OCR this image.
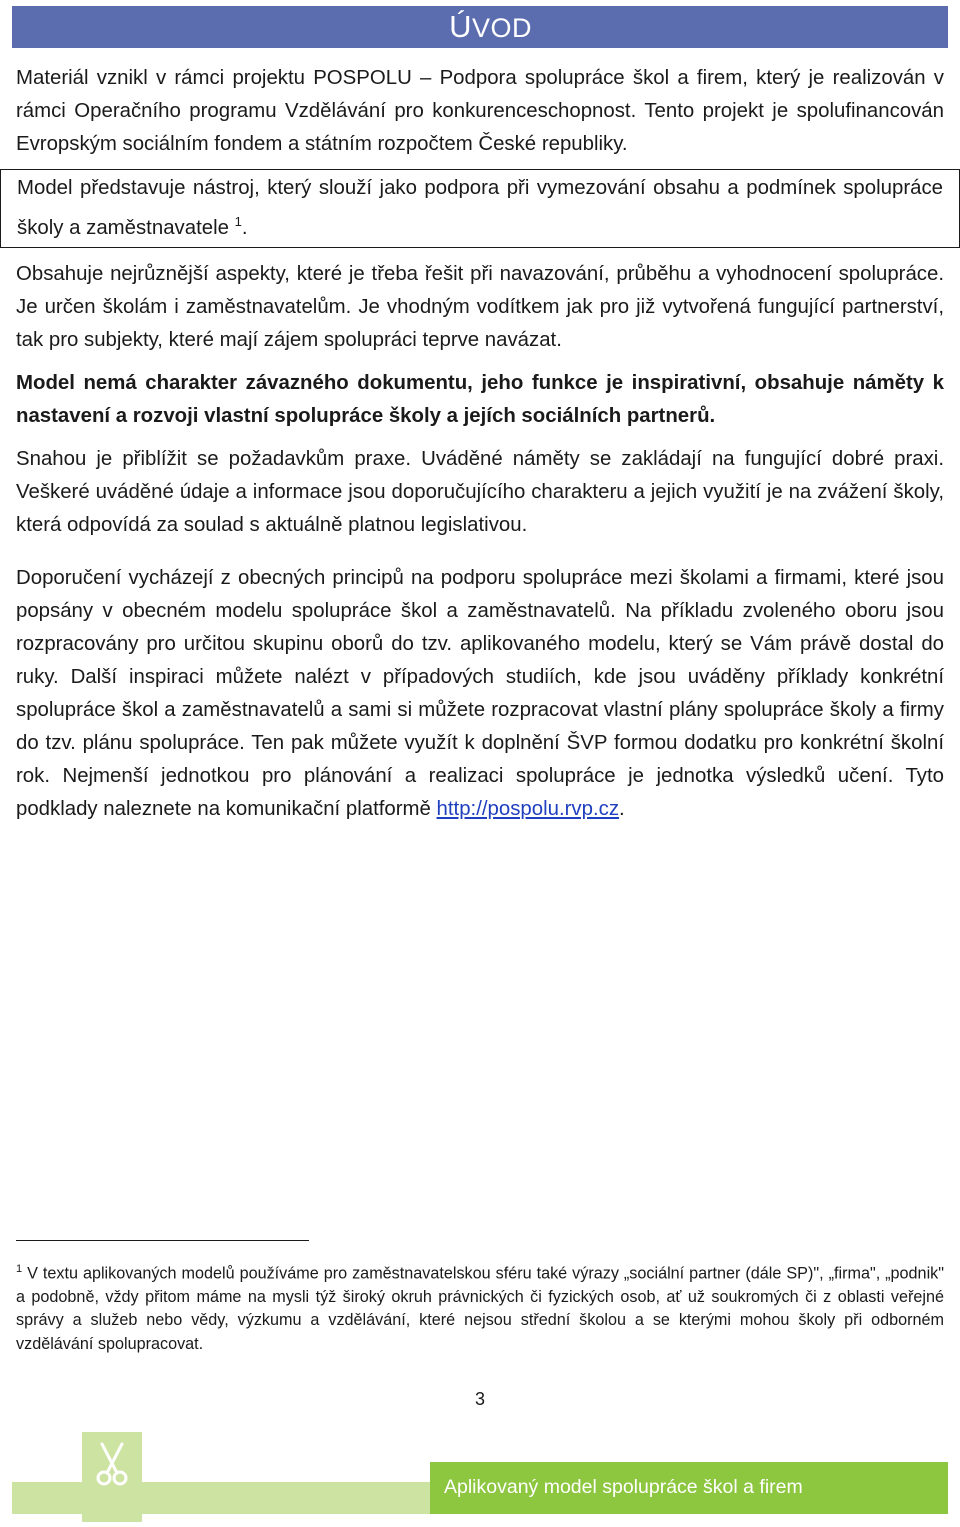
ÚVOD

Materiál vznikl v rámci projektu POSPOLU – Podpora spolupráce škol a firem, který je realizován v rámci Operačního programu Vzdělávání pro konkurenceschopnost. Tento projekt je spolufinancován Evropským sociálním fondem a státním rozpočtem České republiky.

Model představuje nástroj, který slouží jako podpora při vymezování obsahu a podmínek spolupráce školy a zaměstnavatele $^1$.

Obsahuje nejrůznější aspekty, které je třeba řešit při navazování, průběhu a vyhodnocení spolupráce. Je určen školám i zaměstnavatelům. Je vhodným vodítkem jak pro již vytvořená fungující partnerství, tak pro subjekty, které mají zájem spolupráci teprve navázat.

Model nemá charakter závazného dokumentu, jeho funkce je inspirativní, obsahuje náměty k nastavení a rozvoji vlastní spolupráce školy a jejích sociálních partnerů.

Snahou je přiblížit se požadavkům praxe. Uváděné náměty se zakládají na fungující dobré praxi. Veškeré uváděné údaje a informace jsou doporučujícího charakteru a jejich využití je na zvážení školy, která odpovídá za soulad s aktuálně platnou legislativou.

Doporučení vycházejí z obecných principů na podporu spolupráce mezi školami a firmami, které jsou popsány v obecném modelu spolupráce škol a zaměstnavatelů. Na příkladu zvoleného oboru jsou rozpracovány pro určitou skupinu oborů do tzv. aplikovaného modelu, který se Vám právě dostal do ruky. Další inspiraci můžete nalézt v případových studiích, kde jsou uváděny příklady konkrétní spolupráce škol a zaměstnavatelů a sami si můžete rozpracovat vlastní plány spolupráce školy a firmy do tzv. plánu spolupráce. Ten pak můžete využít k doplnění ŠVP formou dodatku pro konkrétní školní rok. Nejmenší jednotkou pro plánování a realizaci spolupráce je jednotka výsledků učení. Tyto podklady naleznete na komunikační platformě http://pospolu.rvp.cz.

$^1$ V textu aplikovaných modelů používáme pro zaměstnavatelskou sféru také výrazy „sociální partner (dále SP)", „firma", „podnik" a podobně, vždy přitom máme na mysli týž široký okruh právnických či fyzických osob, ať už soukromých či z oblasti veřejné správy a služeb nebo vědy, výzkumu a vzdělávání, které nejsou střední školou a se kterými mohou školy při odborném vzdělávání spolupracovat.
3
Aplikovaný model spolupráce škol a firem
